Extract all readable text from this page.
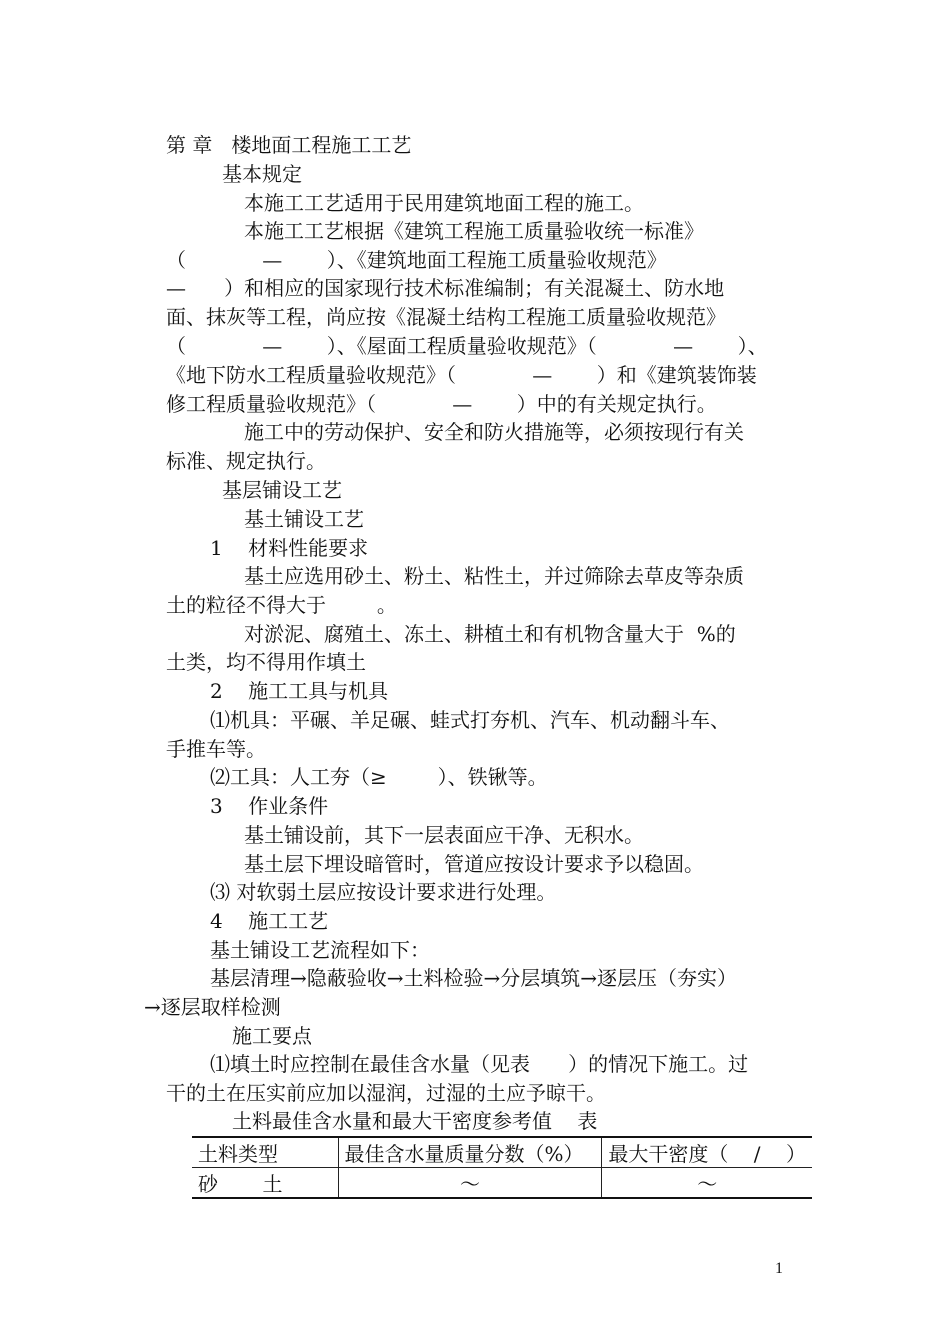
第 章   楼地面工程施工工艺
基本规定
本施工工艺适用于民用建筑地面工程的施工。
本施工工艺根据《建筑工程施工质量验收统一标准》
（            —       ）、《建筑地面工程施工质量验收规范》
—      ）和相应的国家现行技术标准编制；有关混凝土、防水地
面、抹灰等工程，尚应按《混凝土结构工程施工质量验收规范》
（            —       ）、《屋面工程质量验收规范》（            —       ）、
《地下防水工程质量验收规范》（            —       ）和《建筑装饰装
修工程质量验收规范》（            —       ）中的有关规定执行。
施工中的劳动保护、安全和防火措施等，必须按现行有关
标准、规定执行。
基层铺设工艺
基土铺设工艺
1    材料性能要求
基土应选用砂土、粉土、粘性土，并过筛除去草皮等杂质
土的粒径不得大于        。
对淤泥、腐殖土、冻土、耕植土和有机物含量大于  %的
土类，均不得用作填土
2    施工工具与机具
⑴机具：平碾、羊足碾、蛙式打夯机、汽车、机动翻斗车、
手推车等。
⑵工具：人工夯（≥        ）、铁锹等。
3    作业条件
基土铺设前，其下一层表面应干净、无积水。
基土层下埋设暗管时，管道应按设计要求予以稳固。
⑶ 对软弱土层应按设计要求进行处理。
4    施工工艺
基土铺设工艺流程如下：
基层清理→隐蔽验收→土料检验→分层填筑→逐层压（夯实）
→逐层取样检测
施工要点
⑴填土时应控制在最佳含水量（见表      ）的情况下施工。过
干的土在压实前应加以湿润，过湿的土应予晾干。
土料最佳含水量和最大干密度参考值    表
土料类型	最佳含水量质量分数（%）	最大干密度（    /    ）
砂       土	～	～
1
